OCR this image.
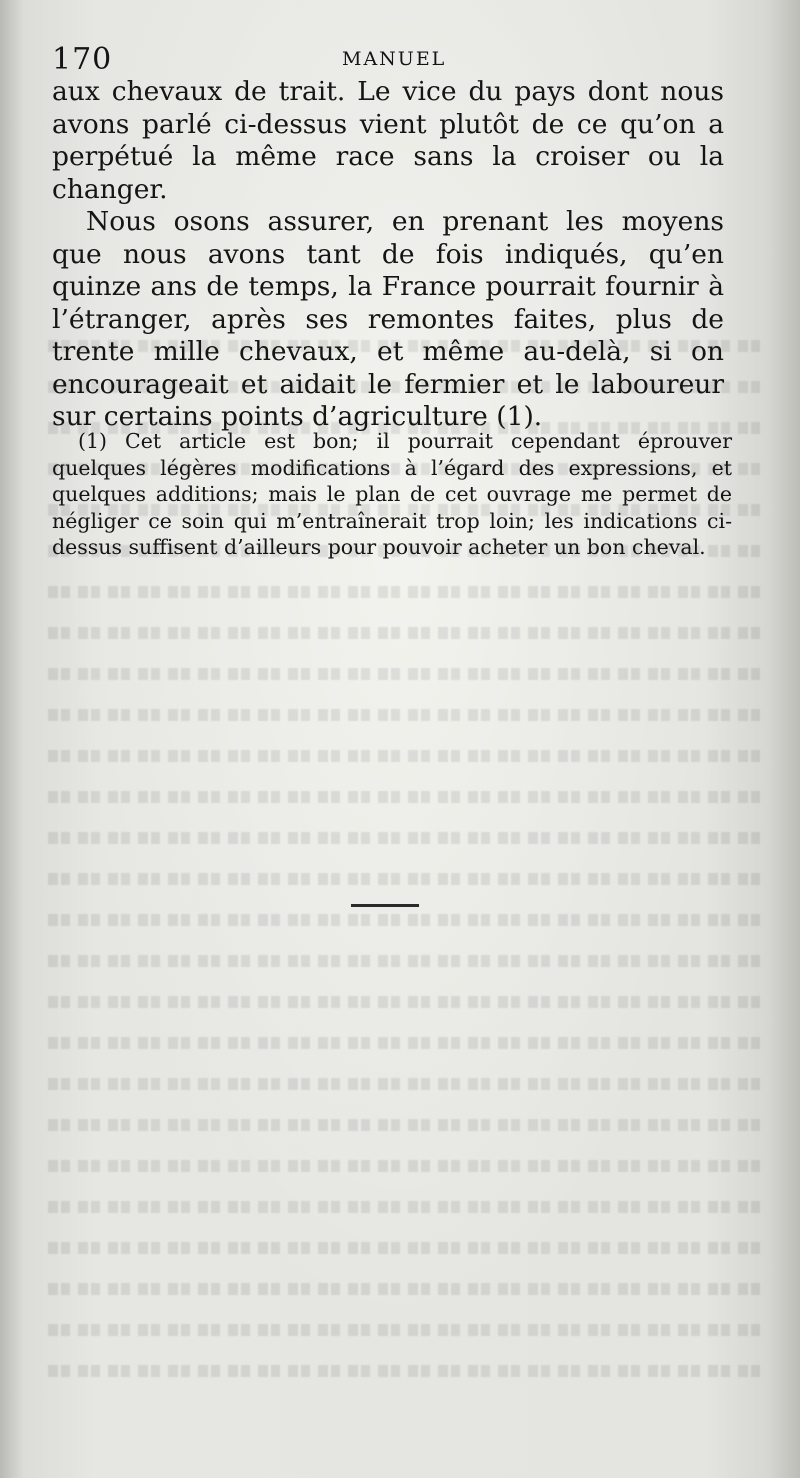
170	MANUEL

aux chevaux de trait. Le vice du pays dont nous avons parlé ci-dessus vient plutôt de ce qu’on a perpétué la même race sans la croiser ou la changer.

Nous osons assurer, en prenant les moyens que nous avons tant de fois indiqués, qu’en quinze ans de temps, la France pourrait fournir à l’étranger, après ses remontes faites, plus de trente mille chevaux, et même au-delà, si on encourageait et aidait le fermier et le laboureur sur certains points d’agriculture (1).

(1) Cet article est bon; il pourrait cependant éprouver quelques légères modifications à l’égard des expressions, et quelques additions; mais le plan de cet ouvrage me permet de négliger ce soin qui m’entraînerait trop loin; les indications ci-dessus suffisent d’ailleurs pour pouvoir acheter un bon cheval.
